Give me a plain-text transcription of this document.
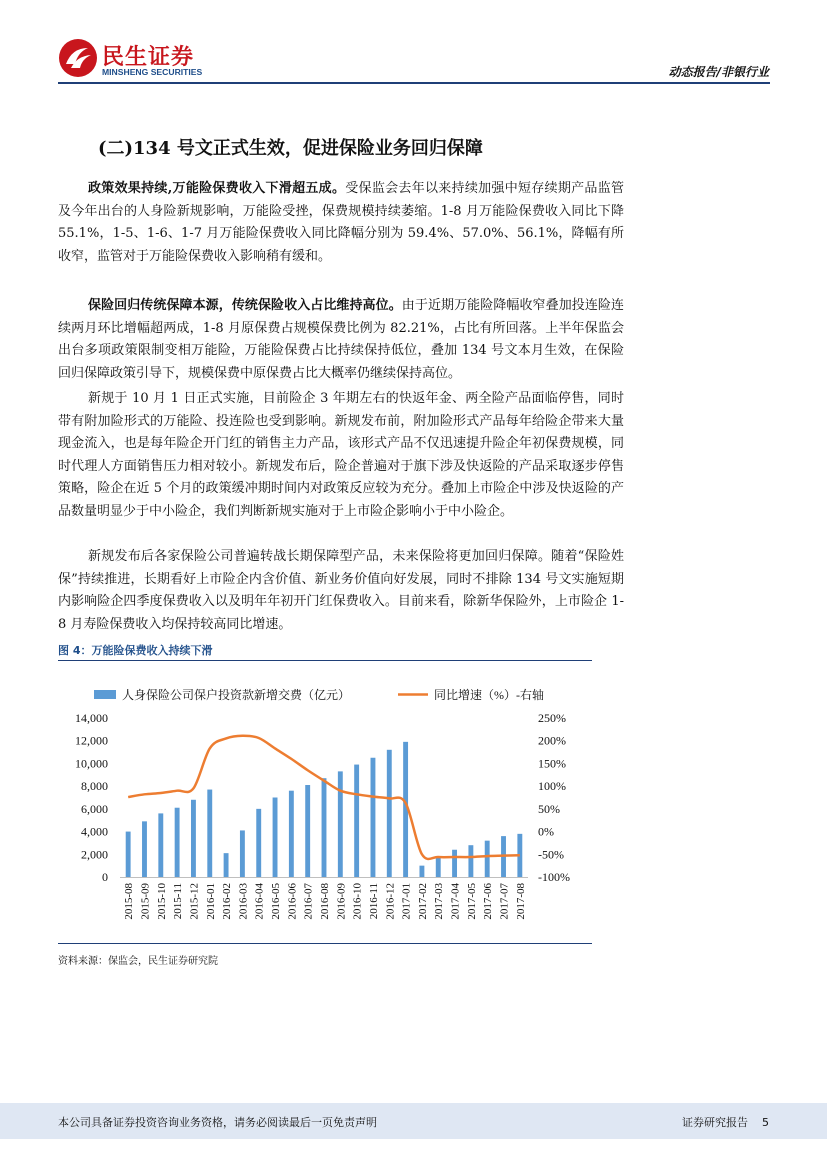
民生证券
MINSHENG SECURITIES	动态报告/非银行业
(二)134 号文正式生效，促进保险业务回归保障

政策效果持续,万能险保费收入下滑超五成。受保监会去年以来持续加强中短存续期产品监管及今年出台的人身险新规影响，万能险受挫，保费规模持续萎缩。1-8 月万能险保费收入同比下降 55.1%，1-5、1-6、1-7 月万能险保费收入同比降幅分别为 59.4%、57.0%、56.1%，降幅有所收窄，监管对于万能险保费收入影响稍有缓和。

保险回归传统保障本源，传统保险收入占比维持高位。由于近期万能险降幅收窄叠加投连险连续两月环比增幅超两成，1-8 月原保费占规模保费比例为 82.21%，占比有所回落。上半年保监会出台多项政策限制变相万能险，万能险保费占比持续保持低位，叠加 134 号文本月生效，在保险回归保障政策引导下，规模保费中原保费占比大概率仍继续保持高位。

新规于 10 月 1 日正式实施，目前险企 3 年期左右的快返年金、两全险产品面临停售，同时带有附加险形式的万能险、投连险也受到影响。新规发布前，附加险形式产品每年给险企带来大量现金流入，也是每年险企开门红的销售主力产品，该形式产品不仅迅速提升险企年初保费规模，同时代理人方面销售压力相对较小。新规发布后，险企普遍对于旗下涉及快返险的产品采取逐步停售策略，险企在近 5 个月的政策缓冲期时间内对政策反应较为充分。叠加上市险企中涉及快返险的产品数量明显少于中小险企，我们判断新规实施对于上市险企影响小于中小险企。

新规发布后各家保险公司普遍转战长期保障型产品，未来保险将更加回归保障。随着“保险姓保”持续推进，长期看好上市险企内含价值、新业务价值向好发展，同时不排除 134 号文实施短期内影响险企四季度保费收入以及明年年初开门红保费收入。目前来看，除新华保险外，上市险企 1-8 月寿险保费收入均保持较高同比增速。

图 4：万能险保费收入持续下滑
人身保险公司保户投资款新增交费（亿元）	同比增速（%）-右轴
14,000
12,000
10,000
8,000
6,000
4,000
2,000
0
250%
200%
150%
100%
50%
0%
-50%
-100%
2015-08 2015-09 2015-10 2015-11 2015-12 2016-01 2016-02 2016-03 2016-04 2016-05 2016-06 2016-07 2016-08 2016-09 2016-10 2016-11 2016-12 2017-01 2017-02 2017-03 2017-04 2017-05 2017-06 2017-07 2017-08
资料来源：保监会，民生证券研究院
本公司具备证券投资咨询业务资格，请务必阅读最后一页免责声明	证券研究报告 5
